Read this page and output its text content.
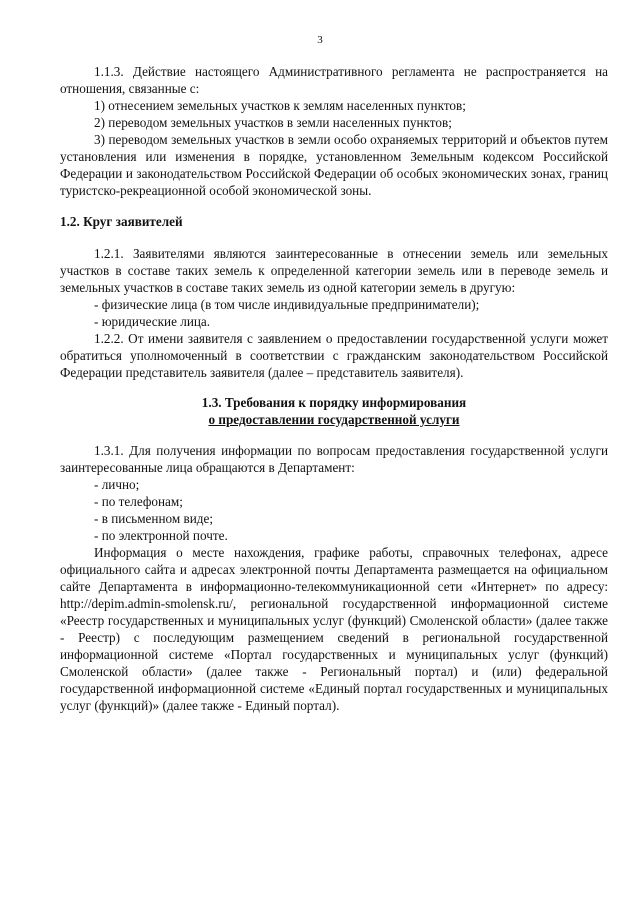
3

1.1.3. Действие настоящего Административного регламента не распространяется на отношения, связанные с:

1) отнесением земельных участков к землям населенных пунктов;

2) переводом земельных участков в земли населенных пунктов;

3) переводом земельных участков в земли особо охраняемых территорий и объектов путем установления или изменения в порядке, установленном Земельным кодексом Российской Федерации и законодательством Российской Федерации об особых экономических зонах, границ туристско-рекреационной особой экономической зоны.

1.2. Круг заявителей

1.2.1. Заявителями являются заинтересованные в отнесении земель или земельных участков в составе таких земель к определенной категории земель или в переводе земель и земельных участков в составе таких земель из одной категории земель в другую:

- физические лица (в том числе индивидуальные предприниматели);

- юридические лица.

1.2.2. От имени заявителя с заявлением о предоставлении государственной услуги может обратиться уполномоченный в соответствии с гражданским законодательством Российской Федерации представитель заявителя (далее – представитель заявителя).

1.3. Требования к порядку информирования
о предоставлении государственной услуги

1.3.1. Для получения информации по вопросам предоставления государственной услуги заинтересованные лица обращаются в Департамент:

- лично;

- по телефонам;

- в письменном виде;

- по электронной почте.

Информация о месте нахождения, графике работы, справочных телефонах, адресе официального сайта и адресах электронной почты Департамента размещается на официальном сайте Департамента в информационно-телекоммуникационной сети «Интернет» по адресу: http://depim.admin-smolensk.ru/, региональной государственной информационной системе «Реестр государственных и муниципальных услуг (функций) Смоленской области» (далее также - Реестр) с последующим размещением сведений в региональной государственной информационной системе «Портал государственных и муниципальных услуг (функций) Смоленской области» (далее также - Региональный портал) и (или) федеральной государственной информационной системе «Единый портал государственных и муниципальных услуг (функций)» (далее также - Единый портал).
